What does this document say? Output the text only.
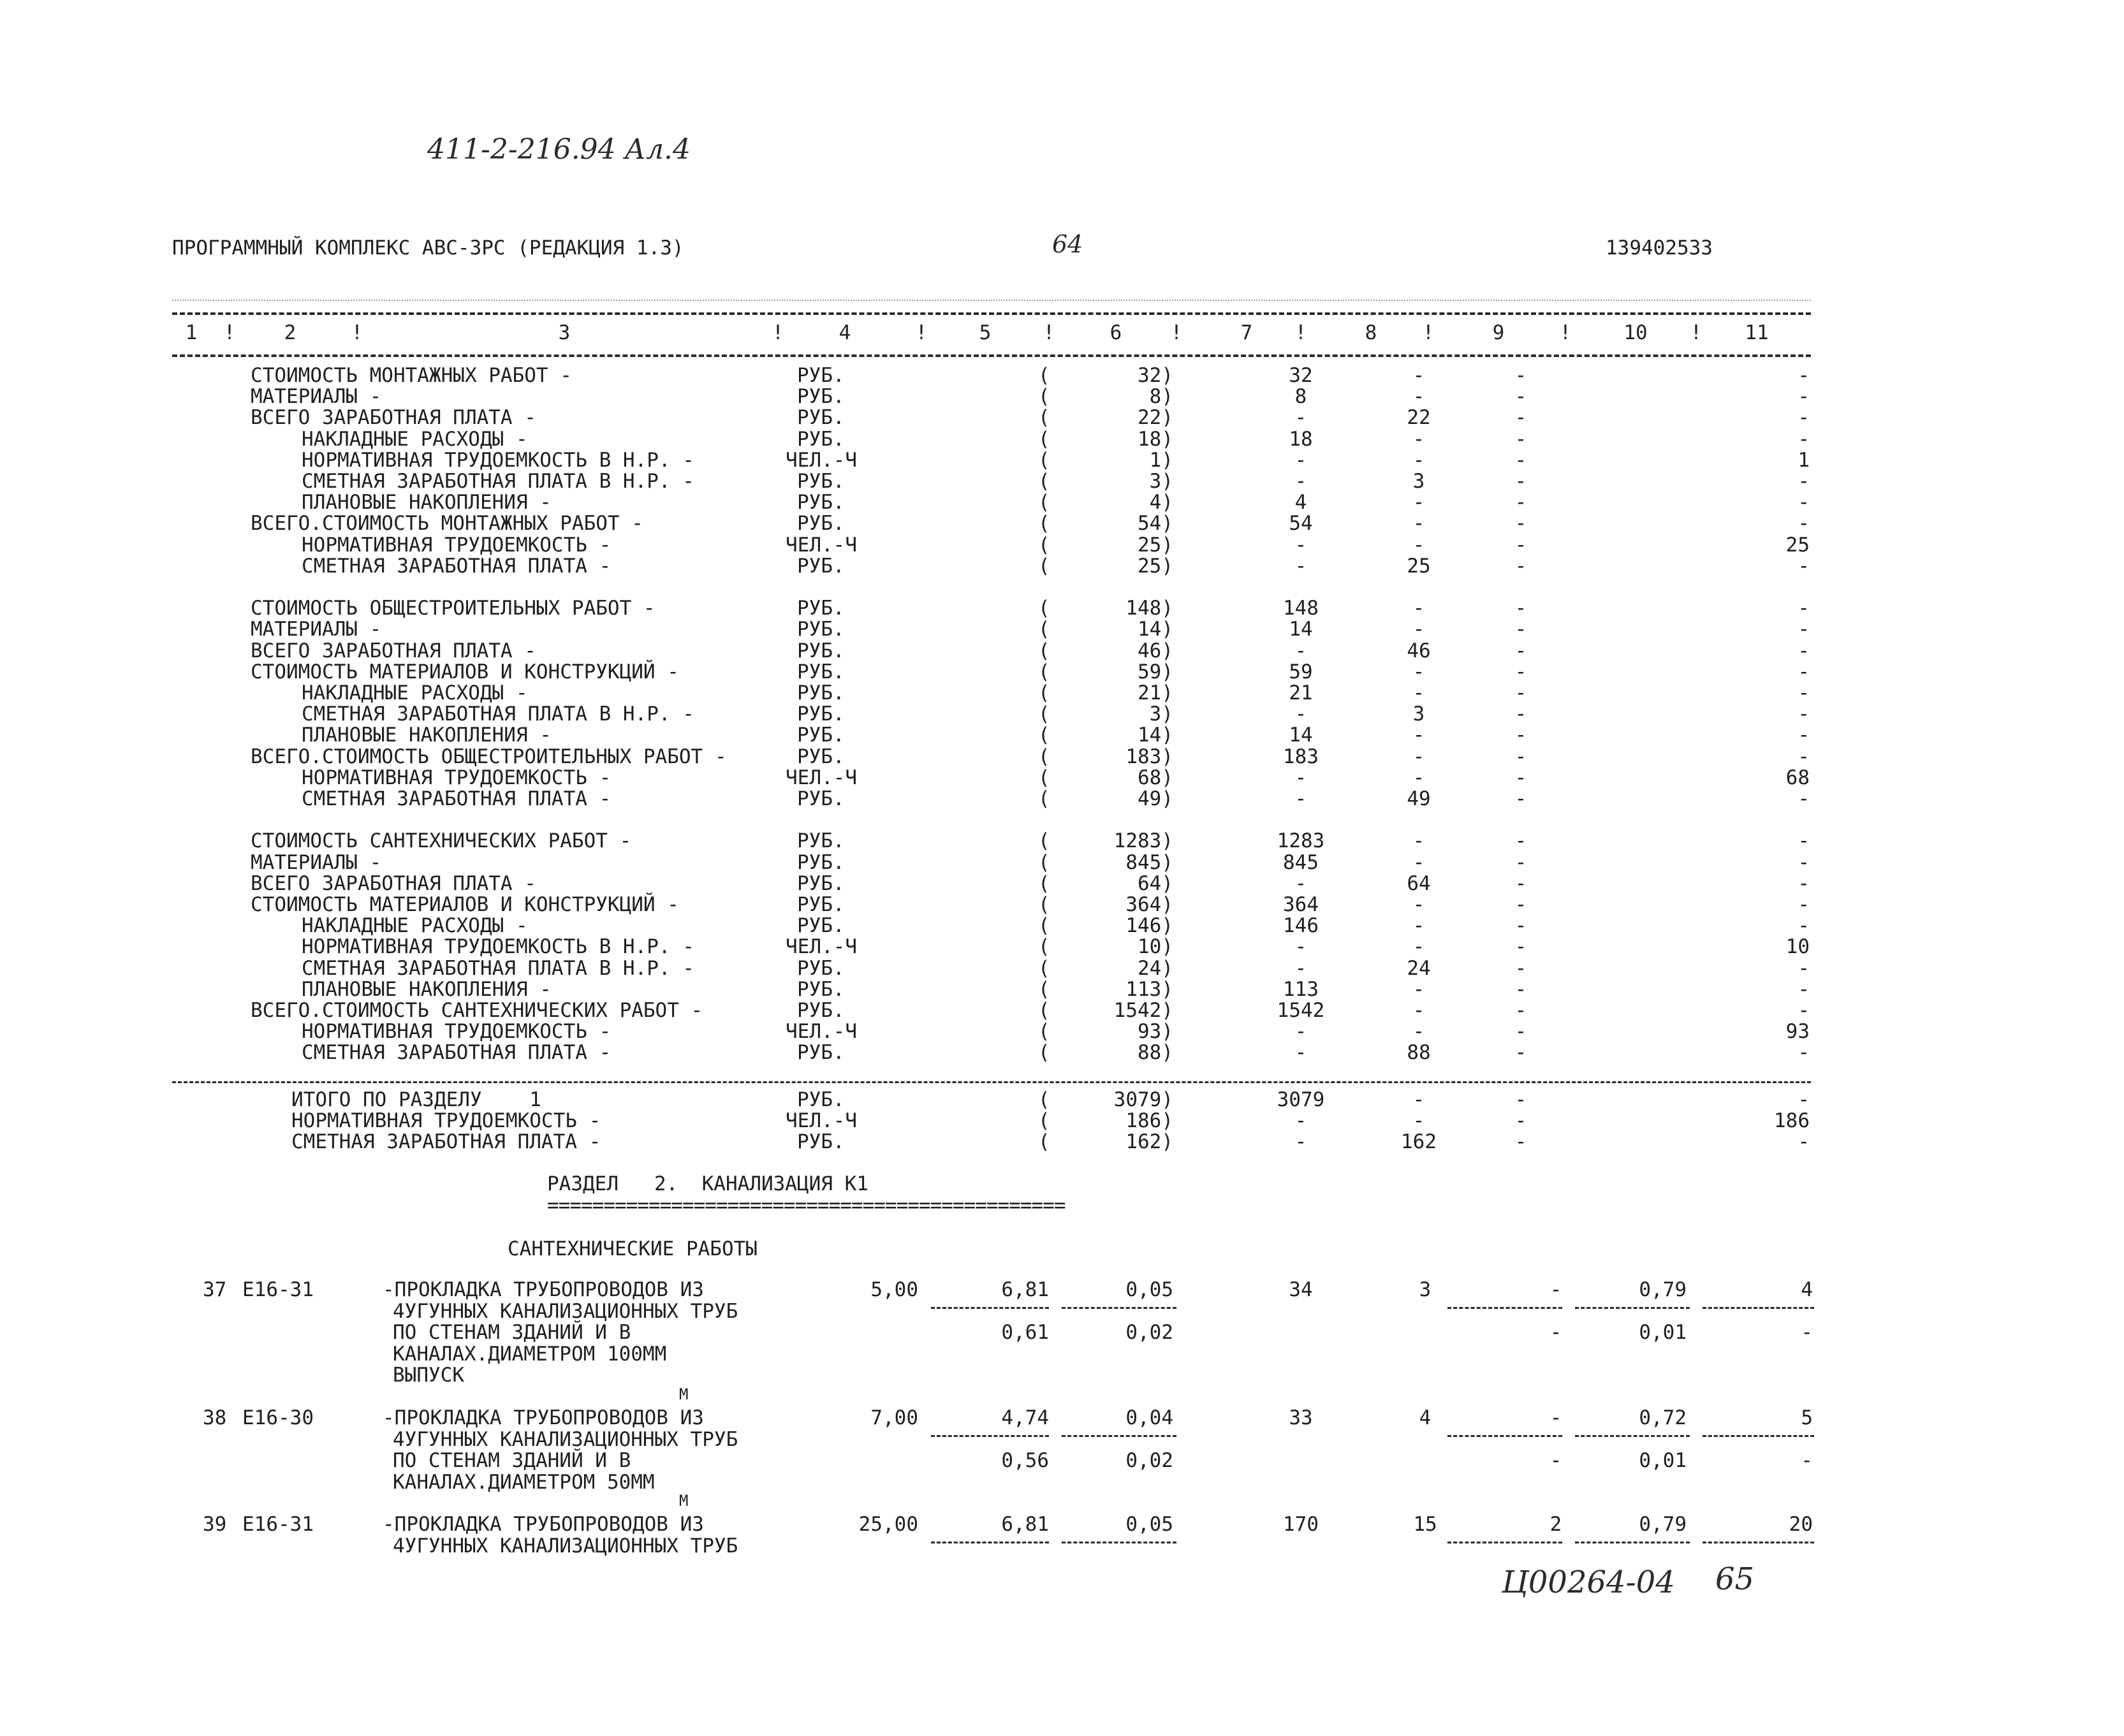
411-2-216.94 Ал.4
ПРОГРАММНЫЙ КОМПЛЕКС АВС-3РС (РЕДАКЦИЯ 1.3)	64	139402533
1	2	3	4	5	6	7	8	9	10	11
!	!	!	!	!	!	!	!	!	!
СТОИМОСТЬ МОНТАЖНЫХ РАБОТ -	РУБ.	(	32)	32	-	-	-
МАТЕРИАЛЫ -	РУБ.	(	8)	8	-	-	-
ВСЕГО ЗАРАБОТНАЯ ПЛАТА -	РУБ.	(	22)	-	22	-	-
НАКЛАДНЫЕ РАСХОДЫ -	РУБ.	(	18)	18	-	-	-
НОРМАТИВНАЯ ТРУДОЕМКОСТЬ В Н.Р. -	ЧЕЛ.-Ч	(	1)	-	-	-	1
СМЕТНАЯ ЗАРАБОТНАЯ ПЛАТА В Н.Р. -	РУБ.	(	3)	-	3	-	-
ПЛАНОВЫЕ НАКОПЛЕНИЯ -	РУБ.	(	4)	4	-	-	-
ВСЕГО.СТОИМОСТЬ МОНТАЖНЫХ РАБОТ -	РУБ.	(	54)	54	-	-	-
НОРМАТИВНАЯ ТРУДОЕМКОСТЬ -	ЧЕЛ.-Ч	(	25)	-	-	-	25
СМЕТНАЯ ЗАРАБОТНАЯ ПЛАТА -	РУБ.	(	25)	-	25	-	-
СТОИМОСТЬ ОБЩЕСТРОИТЕЛЬНЫХ РАБОТ -	РУБ.	(	148)	148	-	-	-
МАТЕРИАЛЫ -	РУБ.	(	14)	14	-	-	-
ВСЕГО ЗАРАБОТНАЯ ПЛАТА -	РУБ.	(	46)	-	46	-	-
СТОИМОСТЬ МАТЕРИАЛОВ И КОНСТРУКЦИЙ -	РУБ.	(	59)	59	-	-	-
НАКЛАДНЫЕ РАСХОДЫ -	РУБ.	(	21)	21	-	-	-
СМЕТНАЯ ЗАРАБОТНАЯ ПЛАТА В Н.Р. -	РУБ.	(	3)	-	3	-	-
ПЛАНОВЫЕ НАКОПЛЕНИЯ -	РУБ.	(	14)	14	-	-	-
ВСЕГО.СТОИМОСТЬ ОБЩЕСТРОИТЕЛЬНЫХ РАБОТ -	РУБ.	(	183)	183	-	-	-
НОРМАТИВНАЯ ТРУДОЕМКОСТЬ -	ЧЕЛ.-Ч	(	68)	-	-	-	68
СМЕТНАЯ ЗАРАБОТНАЯ ПЛАТА -	РУБ.	(	49)	-	49	-	-
СТОИМОСТЬ САНТЕХНИЧЕСКИХ РАБОТ -	РУБ.	(	1283)	1283	-	-	-
МАТЕРИАЛЫ -	РУБ.	(	845)	845	-	-	-
ВСЕГО ЗАРАБОТНАЯ ПЛАТА -	РУБ.	(	64)	-	64	-	-
СТОИМОСТЬ МАТЕРИАЛОВ И КОНСТРУКЦИЙ -	РУБ.	(	364)	364	-	-	-
НАКЛАДНЫЕ РАСХОДЫ -	РУБ.	(	146)	146	-	-	-
НОРМАТИВНАЯ ТРУДОЕМКОСТЬ В Н.Р. -	ЧЕЛ.-Ч	(	10)	-	-	-	10
СМЕТНАЯ ЗАРАБОТНАЯ ПЛАТА В Н.Р. -	РУБ.	(	24)	-	24	-	-
ПЛАНОВЫЕ НАКОПЛЕНИЯ -	РУБ.	(	113)	113	-	-	-
ВСЕГО.СТОИМОСТЬ САНТЕХНИЧЕСКИХ РАБОТ -	РУБ.	(	1542)	1542	-	-	-
НОРМАТИВНАЯ ТРУДОЕМКОСТЬ -	ЧЕЛ.-Ч	(	93)	-	-	-	93
СМЕТНАЯ ЗАРАБОТНАЯ ПЛАТА -	РУБ.	(	88)	-	88	-	-
ИТОГО ПО РАЗДЕЛУ    1	РУБ.	(	3079)	3079	-	-	-
НОРМАТИВНАЯ ТРУДОЕМКОСТЬ -	ЧЕЛ.-Ч	(	186)	-	-	-	186
СМЕТНАЯ ЗАРАБОТНАЯ ПЛАТА -	РУБ.	(	162)	-	162	-	-
РАЗДЕЛ   2.  КАНАЛИЗАЦИЯ К1
==============================================
САНТЕХНИЧЕСКИЕ РАБОТЫ
37 Е16-31	-ПРОКЛАДКА ТРУБОПРОВОДОВ ИЗ
4УГУННЫХ КАНАЛИЗАЦИОННЫХ ТРУБ
ПО СТЕНАМ ЗДАНИЙ И В
КАНАЛАХ.ДИАМЕТРОМ 100ММ
ВЫПУСК
5,00	6,81	0,05	34	3	-	0,79	4
0,61	0,02	-	0,01	-
М
38 Е16-30	-ПРОКЛАДКА ТРУБОПРОВОДОВ ИЗ
4УГУННЫХ КАНАЛИЗАЦИОННЫХ ТРУБ
ПО СТЕНАМ ЗДАНИЙ И В
КАНАЛАХ.ДИАМЕТРОМ 50ММ
7,00	4,74	0,04	33	4	-	0,72	5
0,56	0,02	-	0,01	-
М
39 Е16-31	-ПРОКЛАДКА ТРУБОПРОВОДОВ ИЗ
4УГУННЫХ КАНАЛИЗАЦИОННЫХ ТРУБ
25,00	6,81	0,05	170	15	2	0,79	20
Ц00264-04 65
